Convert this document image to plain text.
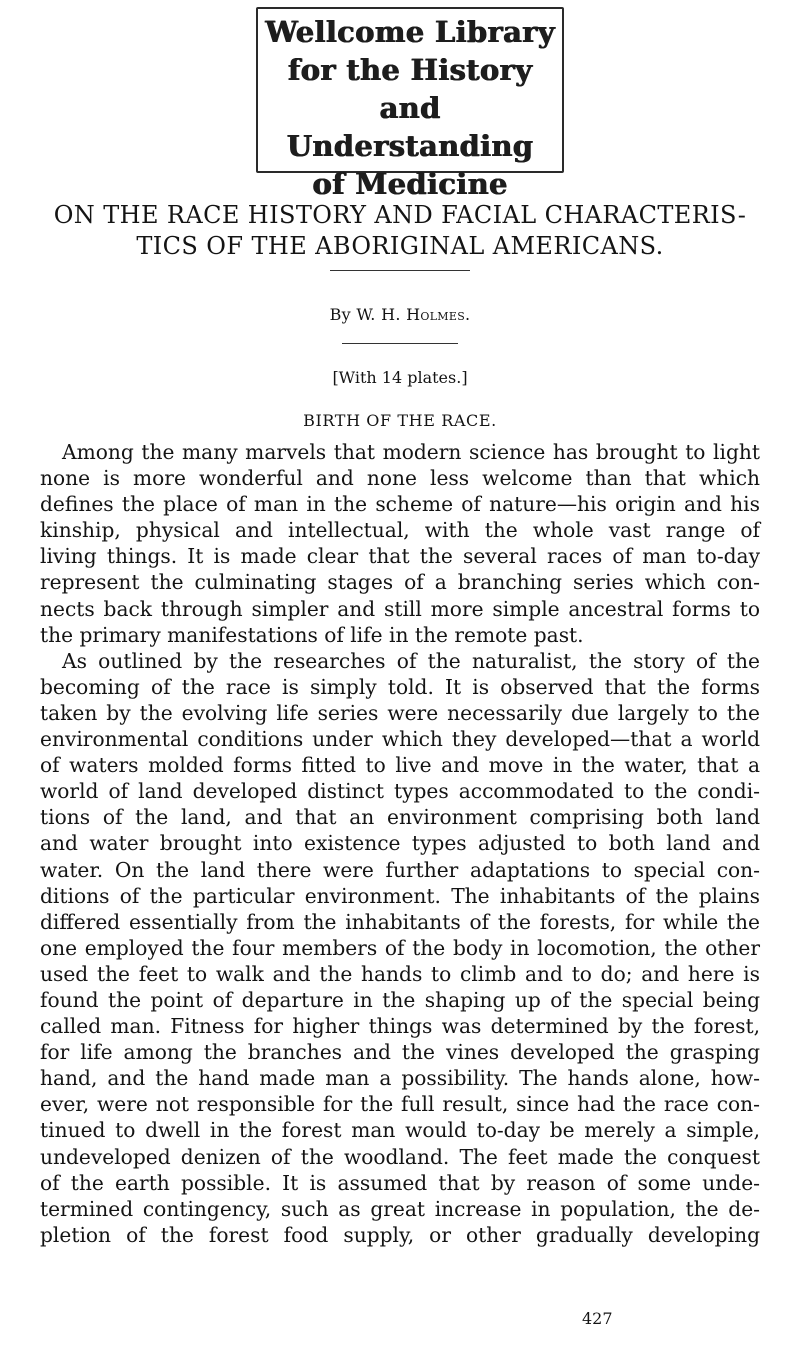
Wellcome Library
for the History
and Understanding
of Medicine
ON THE RACE HISTORY AND FACIAL CHARACTERIS-
TICS OF THE ABORIGINAL AMERICANS.
By W. H. Holmes.
[With 14 plates.]
BIRTH OF THE RACE.
Among the many marvels that modern science has brought to light
none is more wonderful and none less welcome than that which
defines the place of man in the scheme of nature—his origin and his
kinship, physical and intellectual, with the whole vast range of
living things. It is made clear that the several races of man to-day
represent the culminating stages of a branching series which con-
nects back through simpler and still more simple ancestral forms to
the primary manifestations of life in the remote past.
As outlined by the researches of the naturalist, the story of the
becoming of the race is simply told. It is observed that the forms
taken by the evolving life series were necessarily due largely to the
environmental conditions under which they developed—that a world
of waters molded forms fitted to live and move in the water, that a
world of land developed distinct types accommodated to the condi-
tions of the land, and that an environment comprising both land
and water brought into existence types adjusted to both land and
water. On the land there were further adaptations to special con-
ditions of the particular environment. The inhabitants of the plains
differed essentially from the inhabitants of the forests, for while the
one employed the four members of the body in locomotion, the other
used the feet to walk and the hands to climb and to do; and here is
found the point of departure in the shaping up of the special being
called man. Fitness for higher things was determined by the forest,
for life among the branches and the vines developed the grasping
hand, and the hand made man a possibility. The hands alone, how-
ever, were not responsible for the full result, since had the race con-
tinued to dwell in the forest man would to-day be merely a simple,
undeveloped denizen of the woodland. The feet made the conquest
of the earth possible. It is assumed that by reason of some unde-
termined contingency, such as great increase in population, the de-
pletion of the forest food supply, or other gradually developing
427
